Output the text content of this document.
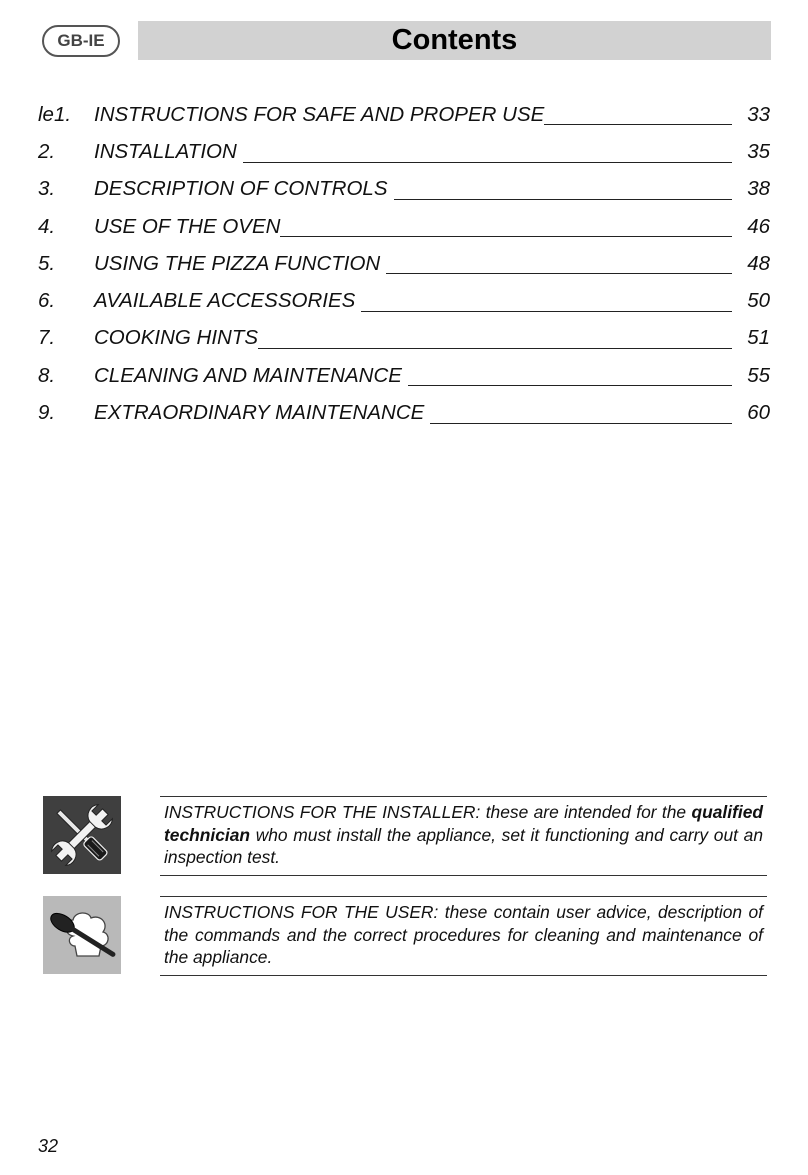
GB-IE	Contents
le1.	INSTRUCTIONS FOR SAFE AND PROPER USE	33
2.	INSTALLATION	35
3.	DESCRIPTION OF CONTROLS	38
4.	USE OF THE OVEN	46
5.	USING THE PIZZA FUNCTION	48
6.	AVAILABLE ACCESSORIES	50
7.	COOKING HINTS	51
8.	CLEANING AND MAINTENANCE	55
9.	EXTRAORDINARY MAINTENANCE	60
INSTRUCTIONS FOR THE INSTALLER: these are intended for the qualified technician who must install the appliance, set it functioning and carry out an inspection test.
INSTRUCTIONS FOR THE USER: these contain user advice, description of the commands and the correct procedures for cleaning and maintenance of the appliance.
32
